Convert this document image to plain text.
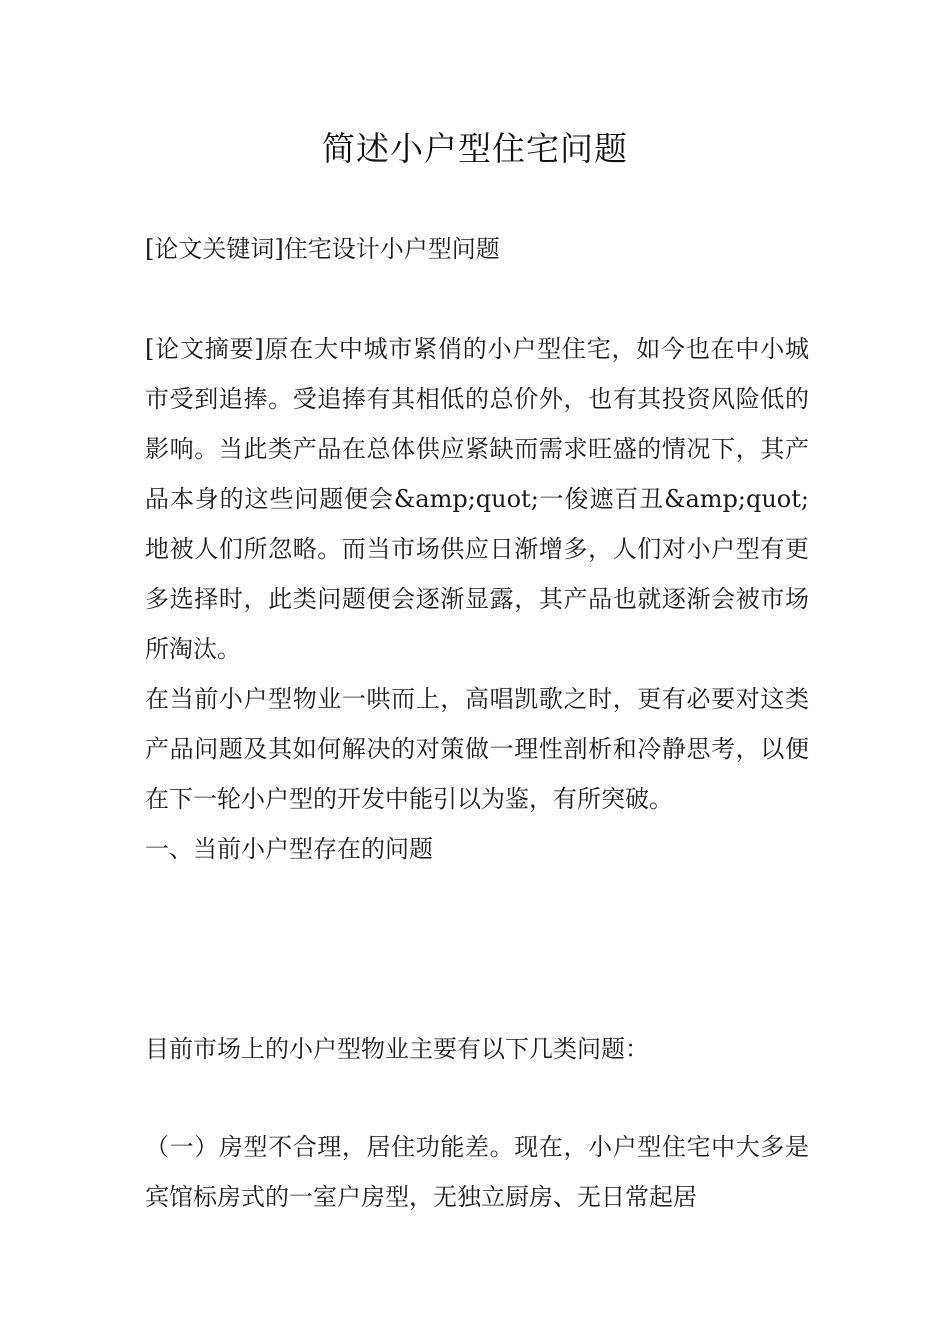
简述小户型住宅问题

[论文关键词]住宅设计小户型问题

[论文摘要]原在大中城市紧俏的小户型住宅，如今也在中小城市受到追捧。受追捧有其相低的总价外，也有其投资风险低的影响。当此类产品在总体供应紧缺而需求旺盛的情况下，其产品本身的这些问题便会&amp;quot;一俊遮百丑&amp;quot;地被人们所忽略。而当市场供应日渐增多，人们对小户型有更多选择时，此类问题便会逐渐显露，其产品也就逐渐会被市场所淘汰。
在当前小户型物业一哄而上，高唱凯歌之时，更有必要对这类产品问题及其如何解决的对策做一理性剖析和冷静思考，以便在下一轮小户型的开发中能引以为鉴，有所突破。
一、当前小户型存在的问题

目前市场上的小户型物业主要有以下几类问题：

（一）房型不合理，居住功能差。现在，小户型住宅中大多是宾馆标房式的一室户房型，无独立厨房、无日常起居
